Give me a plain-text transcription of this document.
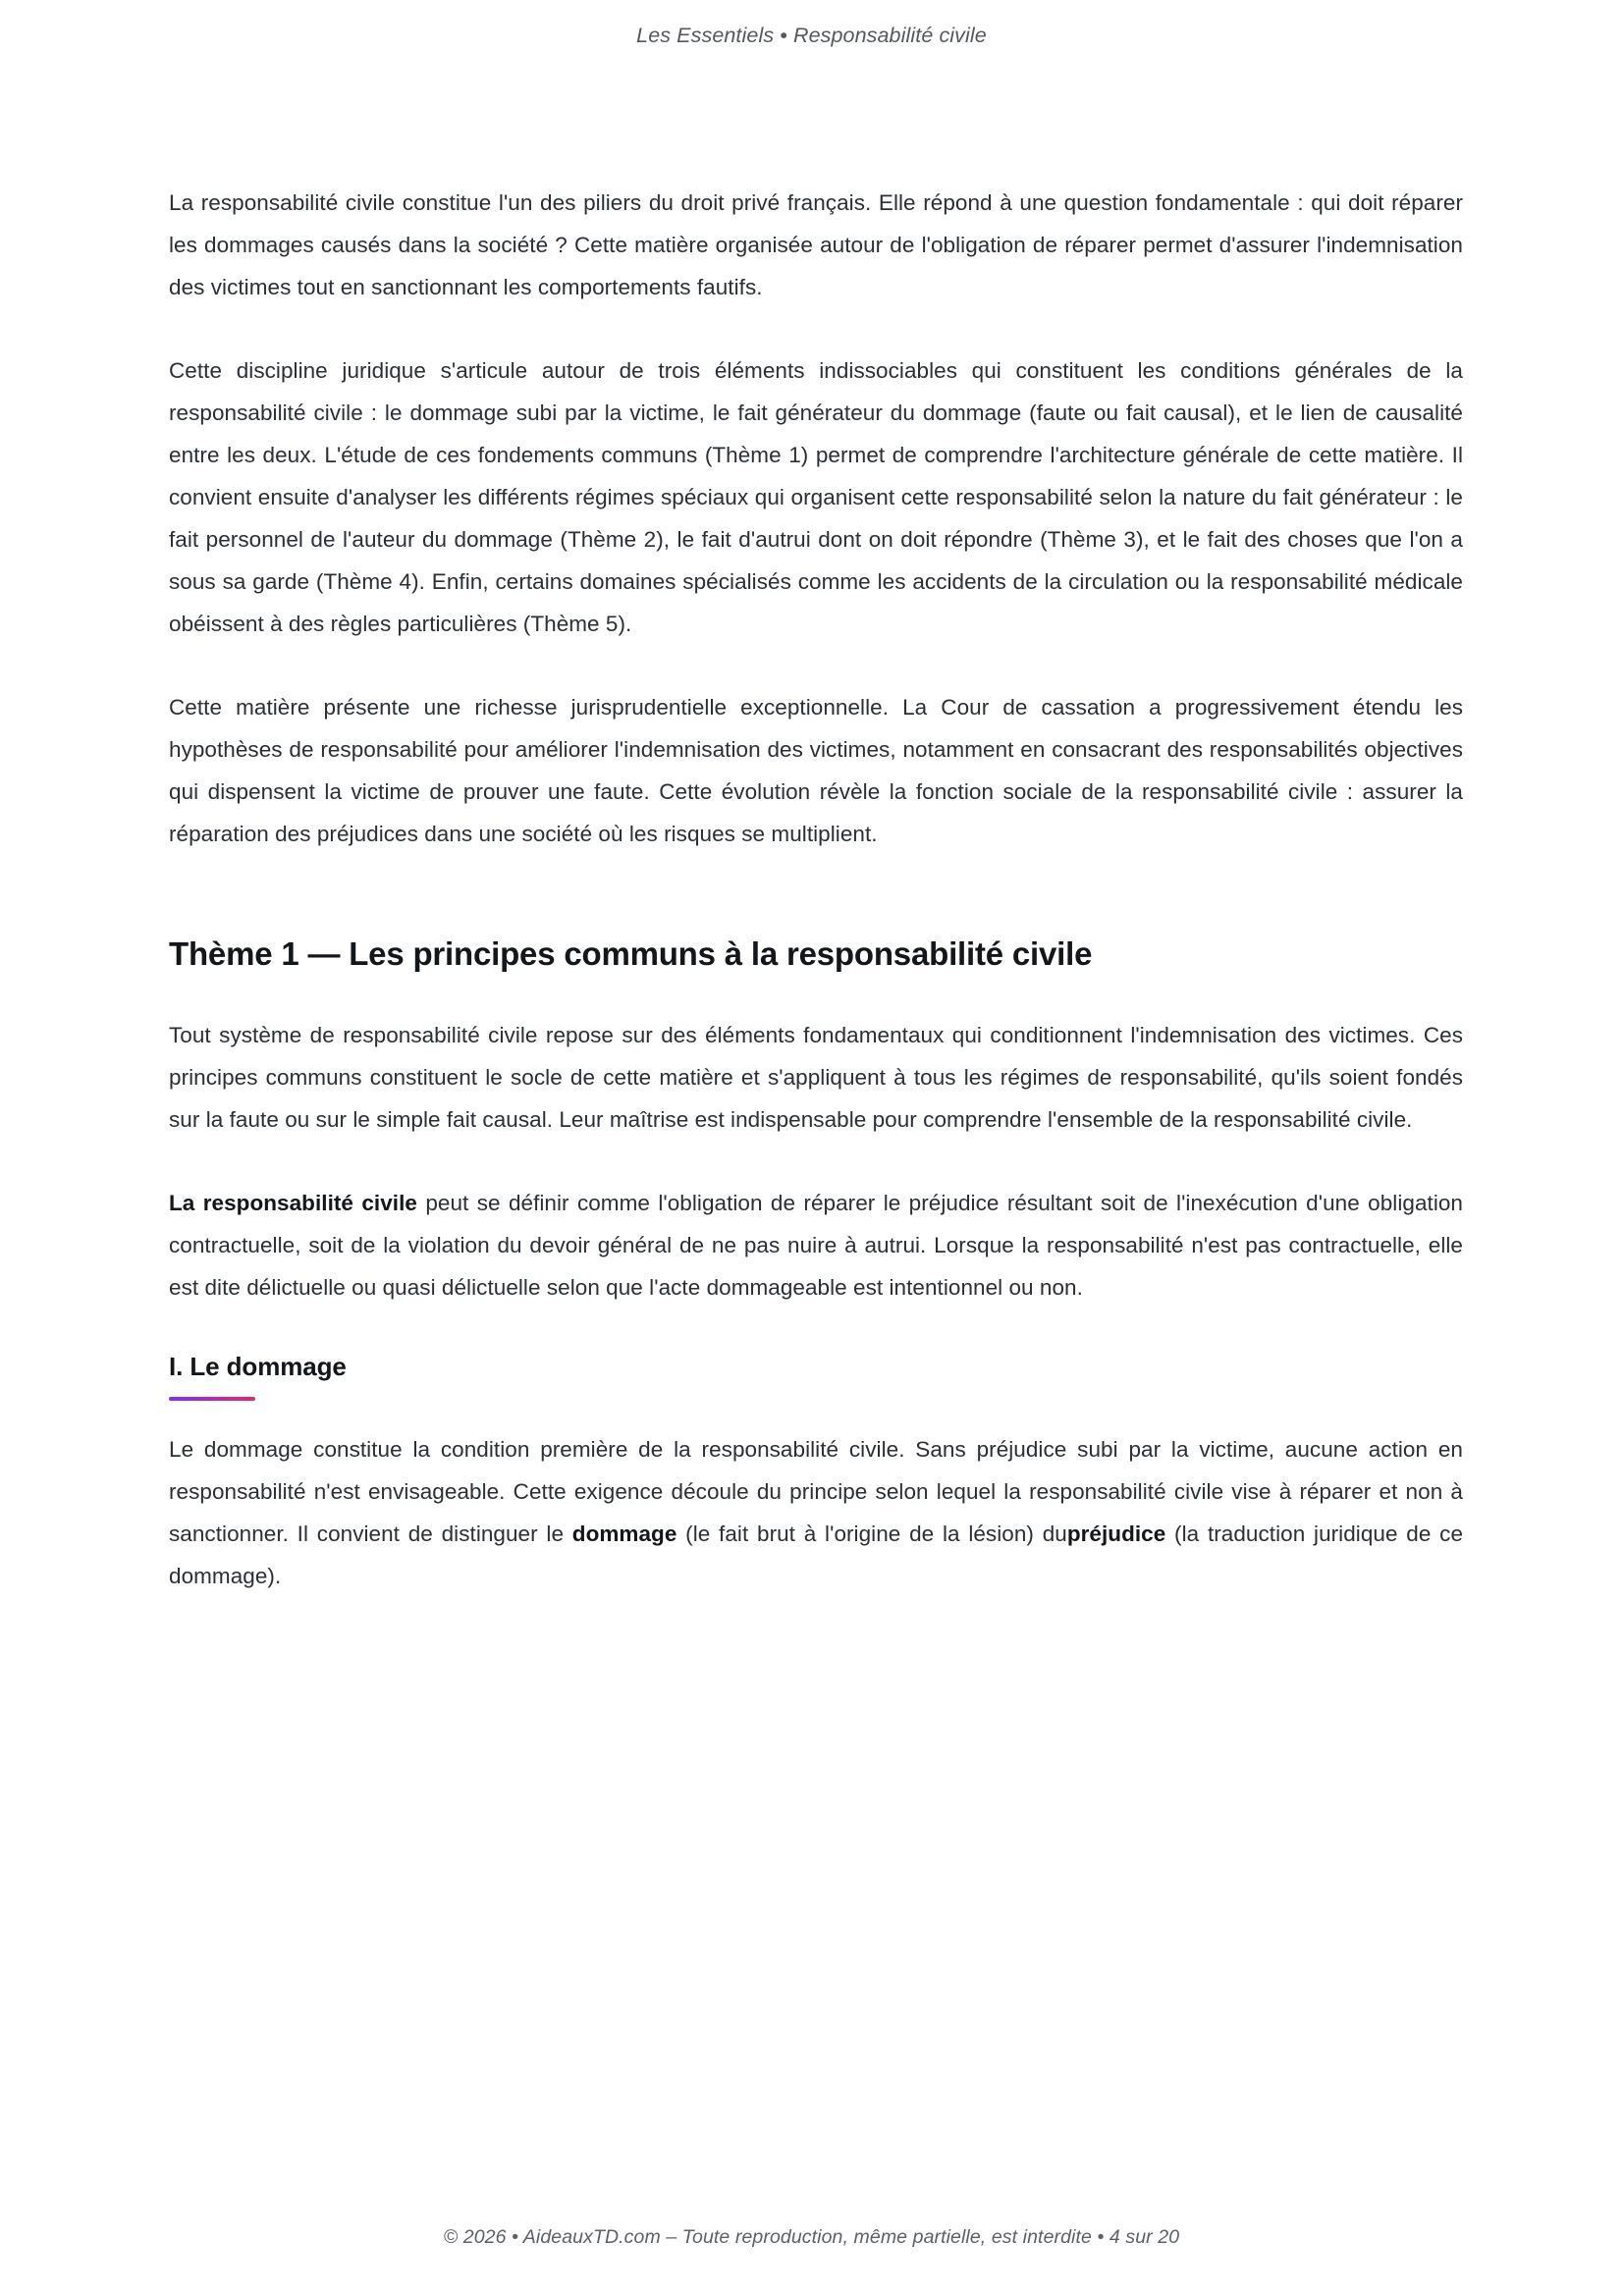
Les Essentiels • Responsabilité civile

La responsabilité civile constitue l'un des piliers du droit privé français. Elle répond à une question fondamentale : qui doit réparer les dommages causés dans la société ? Cette matière organisée autour de l'obligation de réparer permet d'assurer l'indemnisation des victimes tout en sanctionnant les comportements fautifs.

Cette discipline juridique s'articule autour de trois éléments indissociables qui constituent les conditions générales de la responsabilité civile : le dommage subi par la victime, le fait générateur du dommage (faute ou fait causal), et le lien de causalité entre les deux. L'étude de ces fondements communs (Thème 1) permet de comprendre l'architecture générale de cette matière. Il convient ensuite d'analyser les différents régimes spéciaux qui organisent cette responsabilité selon la nature du fait générateur : le fait personnel de l'auteur du dommage (Thème 2), le fait d'autrui dont on doit répondre (Thème 3), et le fait des choses que l'on a sous sa garde (Thème 4). Enfin, certains domaines spécialisés comme les accidents de la circulation ou la responsabilité médicale obéissent à des règles particulières (Thème 5).

Cette matière présente une richesse jurisprudentielle exceptionnelle. La Cour de cassation a progressivement étendu les hypothèses de responsabilité pour améliorer l'indemnisation des victimes, notamment en consacrant des responsabilités objectives qui dispensent la victime de prouver une faute. Cette évolution révèle la fonction sociale de la responsabilité civile : assurer la réparation des préjudices dans une société où les risques se multiplient.

Thème 1 — Les principes communs à la responsabilité civile

Tout système de responsabilité civile repose sur des éléments fondamentaux qui conditionnent l'indemnisation des victimes. Ces principes communs constituent le socle de cette matière et s'appliquent à tous les régimes de responsabilité, qu'ils soient fondés sur la faute ou sur le simple fait causal. Leur maîtrise est indispensable pour comprendre l'ensemble de la responsabilité civile.

La responsabilité civile peut se définir comme l'obligation de réparer le préjudice résultant soit de l'inexécution d'une obligation contractuelle, soit de la violation du devoir général de ne pas nuire à autrui. Lorsque la responsabilité n'est pas contractuelle, elle est dite délictuelle ou quasi délictuelle selon que l'acte dommageable est intentionnel ou non.

I. Le dommage

Le dommage constitue la condition première de la responsabilité civile. Sans préjudice subi par la victime, aucune action en responsabilité n'est envisageable. Cette exigence découle du principe selon lequel la responsabilité civile vise à réparer et non à sanctionner. Il convient de distinguer le dommage (le fait brut à l'origine de la lésion) dupréjudice (la traduction juridique de ce dommage).

© 2026 • AideauxTD.com – Toute reproduction, même partielle, est interdite • 4 sur 20
